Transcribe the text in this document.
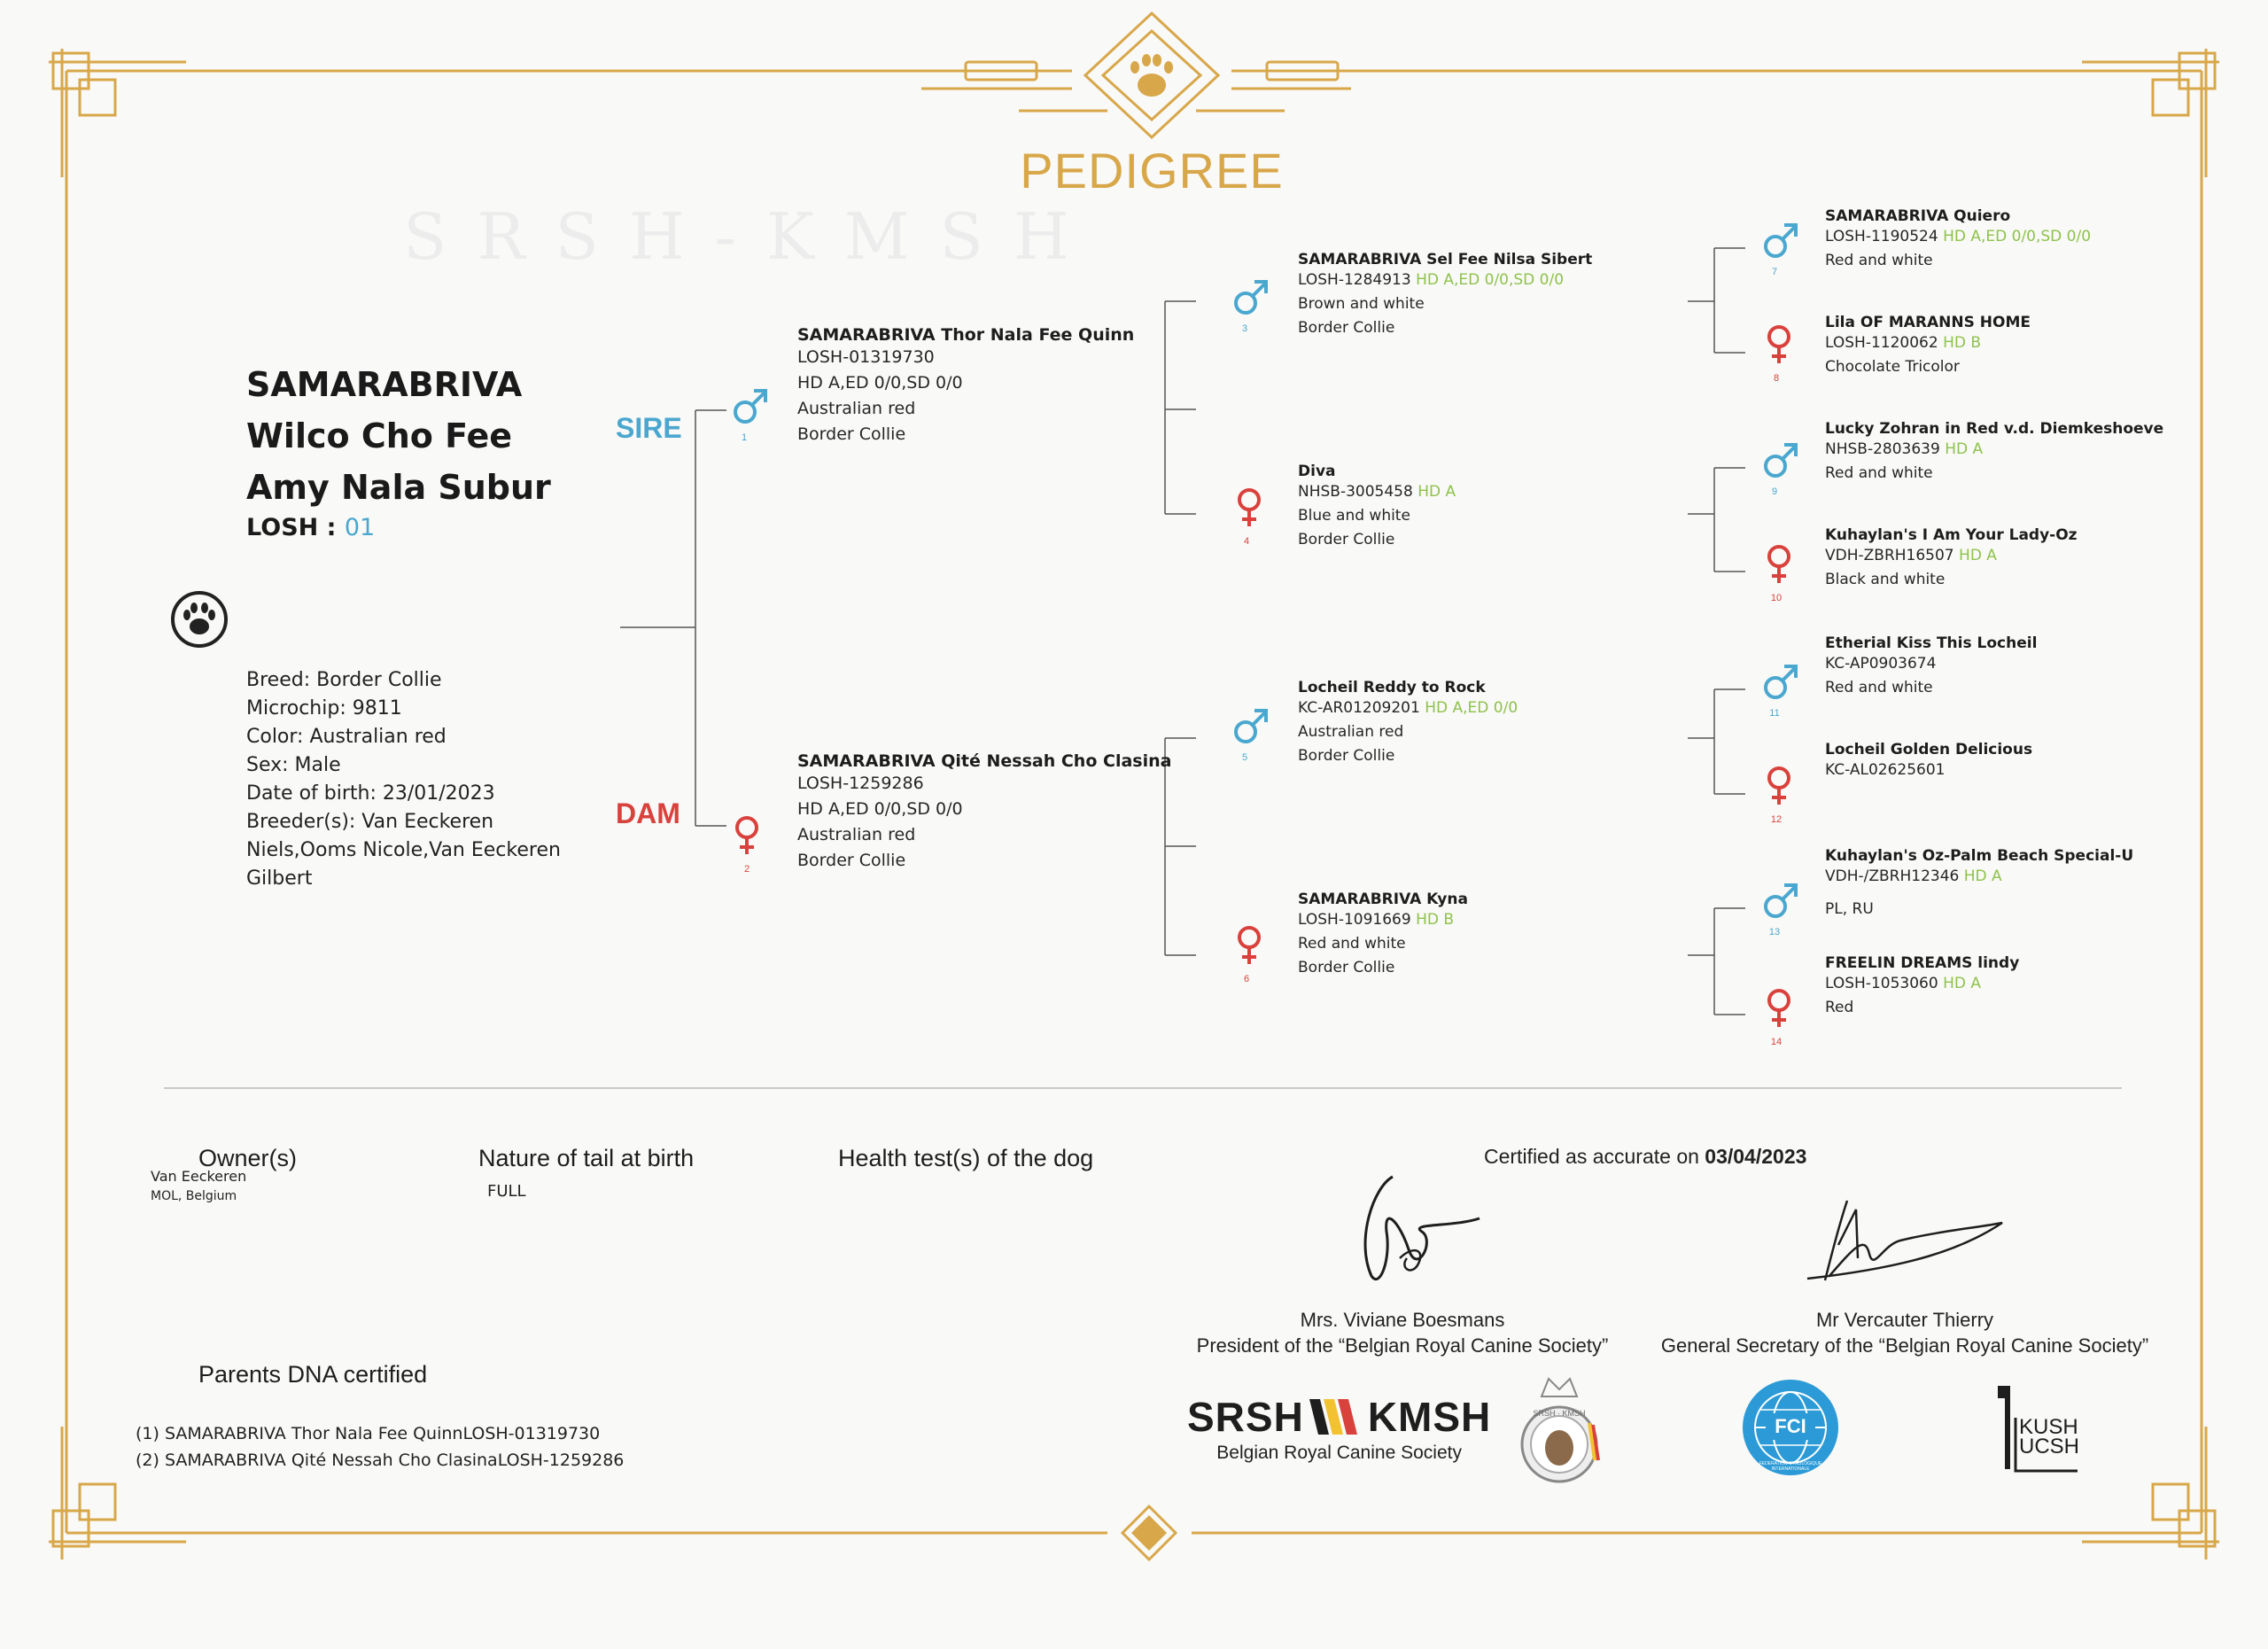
PEDIGREE
SRSH-KMSH
SAMARABRIVA
Wilco Cho Fee
Amy Nala Subur
LOSH : 01
Breed: Border Collie
Microchip: 9811
Color: Australian red
Sex: Male
Date of birth: 23/01/2023
Breeder(s): Van Eeckeren
Niels,Ooms Nicole,Van Eeckeren
Gilbert
SIRE
DAM
1
SAMARABRIVA Thor Nala Fee Quinn
LOSH-01319730
HD A,ED 0/0,SD 0/0
Australian red
Border Collie
2
SAMARABRIVA Qité Nessah Cho Clasina
LOSH-1259286
HD A,ED 0/0,SD 0/0
Australian red
Border Collie
3
SAMARABRIVA Sel Fee Nilsa Sibert
LOSH-1284913 HD A,ED 0/0,SD 0/0
Brown and white
Border Collie
4
Diva
NHSB-3005458 HD A
Blue and white
Border Collie
5
Locheil Reddy to Rock
KC-AR01209201 HD A,ED 0/0
Australian red
Border Collie
6
SAMARABRIVA Kyna
LOSH-1091669 HD B
Red and white
Border Collie
7
SAMARABRIVA Quiero
LOSH-1190524 HD A,ED 0/0,SD 0/0
Red and white
8
Lila OF MARANNS HOME
LOSH-1120062 HD B
Chocolate Tricolor
9
Lucky Zohran in Red v.d. Diemkeshoeve
NHSB-2803639 HD A
Red and white
10
Kuhaylan's I Am Your Lady-Oz
VDH-ZBRH16507 HD A
Black and white
11
Etherial Kiss This Locheil
KC-AP0903674
Red and white
12
Locheil Golden Delicious
KC-AL02625601
13
Kuhaylan's Oz-Palm Beach Special-U
VDH-/ZBRH12346 HD A
PL, RU
14
FREELIN DREAMS lindy
LOSH-1053060 HD A
Red
Owner(s)
Van Eeckeren
MOL, Belgium
Nature of tail at birth
FULL
Health test(s) of the dog	Certified as accurate on 03/04/2023
Mrs. Viviane Boesmans
President of the “Belgian Royal Canine Society”
Mr Vercauter Thierry
General Secretary of the “Belgian Royal Canine Society”
SRSH KMSH
Belgian Royal Canine Society
SRSH · KMSH
FCI
FEDERATION CYNOLOGIQUE INTERNATIONALE
KUSH
UCSH
Parents DNA certified
(1) SAMARABRIVA Thor Nala Fee QuinnLOSH-01319730
(2) SAMARABRIVA Qité Nessah Cho ClasinaLOSH-1259286
